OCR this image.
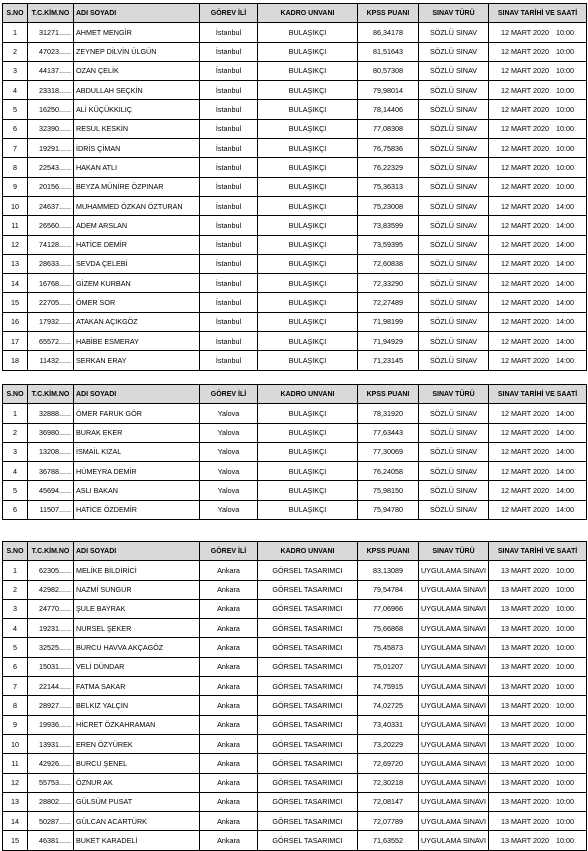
S.NO	T.C.KİM.NO	ADI SOYADI	GÖREV İLİ	KADRO UNVANI	KPSS PUANI	SINAV TÜRÜ	SINAV TARİHİ VE SAATİ
1	31271......	AHMET MENGİR	İstanbul	BULAŞIKÇI	86,34178	SÖZLÜ SINAV	12 MART 2020 10:00
2	47023......	ZEYNEP DİLVİN ÜLGÜN	İstanbul	BULAŞIKÇI	81,51643	SÖZLÜ SINAV	12 MART 2020 10:00
3	44137......	OZAN ÇELİK	İstanbul	BULAŞIKÇI	80,57308	SÖZLÜ SINAV	12 MART 2020 10:00
4	23318......	ABDULLAH SEÇKİN	İstanbul	BULAŞIKÇI	79,98014	SÖZLÜ SINAV	12 MART 2020 10:00
5	16250......	ALİ KÜÇÜKKILIÇ	İstanbul	BULAŞIKÇI	78,14406	SÖZLÜ SINAV	12 MART 2020 10:00
6	32390......	RESUL KESKİN	İstanbul	BULAŞIKÇI	77,08308	SÖZLÜ SINAV	12 MART 2020 10:00
7	19291......	İDRİS ÇİMAN	İstanbul	BULAŞIKÇI	76,75836	SÖZLÜ SINAV	12 MART 2020 10:00
8	22543......	HAKAN ATLI	İstanbul	BULAŞIKÇI	76,22329	SÖZLÜ SINAV	12 MART 2020 10:00
9	20156......	BEYZA MÜNİRE ÖZPINAR	İstanbul	BULAŞIKÇI	75,36313	SÖZLÜ SINAV	12 MART 2020 10:00
10	24637......	MUHAMMED ÖZKAN ÖZTURAN	İstanbul	BULAŞIKÇI	75,23008	SÖZLÜ SINAV	12 MART 2020 14:00
11	26560......	ADEM ARSLAN	İstanbul	BULAŞIKÇI	73,83599	SÖZLÜ SINAV	12 MART 2020 14:00
12	74128......	HATİCE DEMİR	İstanbul	BULAŞIKÇI	73,59395	SÖZLÜ SINAV	12 MART 2020 14:00
13	28633......	SEVDA ÇELEBİ	İstanbul	BULAŞIKÇI	72,60838	SÖZLÜ SINAV	12 MART 2020 14:00
14	16768......	GİZEM KURBAN	İstanbul	BULAŞIKÇI	72,33290	SÖZLÜ SINAV	12 MART 2020 14:00
15	22705......	ÖMER SOR	İstanbul	BULAŞIKÇI	72,27489	SÖZLÜ SINAV	12 MART 2020 14:00
16	17932......	ATAKAN AÇIKGÖZ	İstanbul	BULAŞIKÇI	71,98199	SÖZLÜ SINAV	12 MART 2020 14:00
17	65572......	HABİBE ESMERAY	İstanbul	BULAŞIKÇI	71,94929	SÖZLÜ SINAV	12 MART 2020 14:00
18	11432......	SERKAN ERAY	İstanbul	BULAŞIKÇI	71,23145	SÖZLÜ SINAV	12 MART 2020 14:00
S.NO	T.C.KİM.NO	ADI SOYADI	GÖREV İLİ	KADRO UNVANI	KPSS PUANI	SINAV TÜRÜ	SINAV TARİHİ VE SAATİ
1	32888......	ÖMER FARUK GÖR	Yalova	BULAŞIKÇI	78,31920	SÖZLÜ SINAV	12 MART 2020 14:00
2	36980......	BURAK EKER	Yalova	BULAŞIKÇI	77,63443	SÖZLÜ SINAV	12 MART 2020 14:00
3	13208......	İSMAİL KIZAL	Yalova	BULAŞIKÇI	77,30069	SÖZLÜ SINAV	12 MART 2020 14:00
4	36788......	HÜMEYRA DEMİR	Yalova	BULAŞIKÇI	76,24058	SÖZLÜ SINAV	12 MART 2020 14:00
5	45694......	ASLI BAKAN	Yalova	BULAŞIKÇI	75,98150	SÖZLÜ SINAV	12 MART 2020 14:00
6	11507......	HATİCE ÖZDEMİR	Yalova	BULAŞIKÇI	75,94780	SÖZLÜ SINAV	12 MART 2020 14:00
S.NO	T.C.KİM.NO	ADI SOYADI	GÖREV İLİ	KADRO UNVANI	KPSS PUANI	SINAV TÜRÜ	SINAV TARİHİ VE SAATİ
1	62305......	MELİKE BİLDİRİCİ	Ankara	GÖRSEL TASARIMCI	83,13089	UYGULAMA SINAVI	13 MART 2020 10:00
2	42982......	NAZMİ SUNGUR	Ankara	GÖRSEL TASARIMCI	79,54784	UYGULAMA SINAVI	13 MART 2020 10:00
3	24770......	ŞULE BAYRAK	Ankara	GÖRSEL TASARIMCI	77,06966	UYGULAMA SINAVI	13 MART 2020 10:00
4	19231......	NURSEL ŞEKER	Ankara	GÖRSEL TASARIMCI	75,66868	UYGULAMA SINAVI	13 MART 2020 10:00
5	32525......	BURCU HAVVA AKÇAGÖZ	Ankara	GÖRSEL TASARIMCI	75,45873	UYGULAMA SINAVI	13 MART 2020 10:00
6	15031......	VELİ DÜNDAR	Ankara	GÖRSEL TASARIMCI	75,01207	UYGULAMA SINAVI	13 MART 2020 10:00
7	22144......	FATMA SAKAR	Ankara	GÖRSEL TASARIMCI	74,75915	UYGULAMA SINAVI	13 MART 2020 10:00
8	28927......	BELKIZ YALÇIN	Ankara	GÖRSEL TASARIMCI	74,02725	UYGULAMA SINAVI	13 MART 2020 10:00
9	19936......	HİCRET ÖZKAHRAMAN	Ankara	GÖRSEL TASARIMCI	73,40331	UYGULAMA SINAVI	13 MART 2020 10:00
10	13931......	EREN ÖZYÜREK	Ankara	GÖRSEL TASARIMCI	73,20229	UYGULAMA SINAVI	13 MART 2020 10:00
11	42926......	BURCU ŞENEL	Ankara	GÖRSEL TASARIMCI	72,69720	UYGULAMA SINAVI	13 MART 2020 10:00
12	55753......	ÖZNUR AK	Ankara	GÖRSEL TASARIMCI	72,30218	UYGULAMA SINAVI	13 MART 2020 10:00
13	28802......	GÜLSÜM PUSAT	Ankara	GÖRSEL TASARIMCI	72,08147	UYGULAMA SINAVI	13 MART 2020 10:00
14	50287......	GÜLCAN ACARTÜRK	Ankara	GÖRSEL TASARIMCI	72,07789	UYGULAMA SINAVI	13 MART 2020 10:00
15	46381......	BUKET KARADELİ	Ankara	GÖRSEL TASARIMCI	71,63552	UYGULAMA SINAVI	13 MART 2020 10:00
